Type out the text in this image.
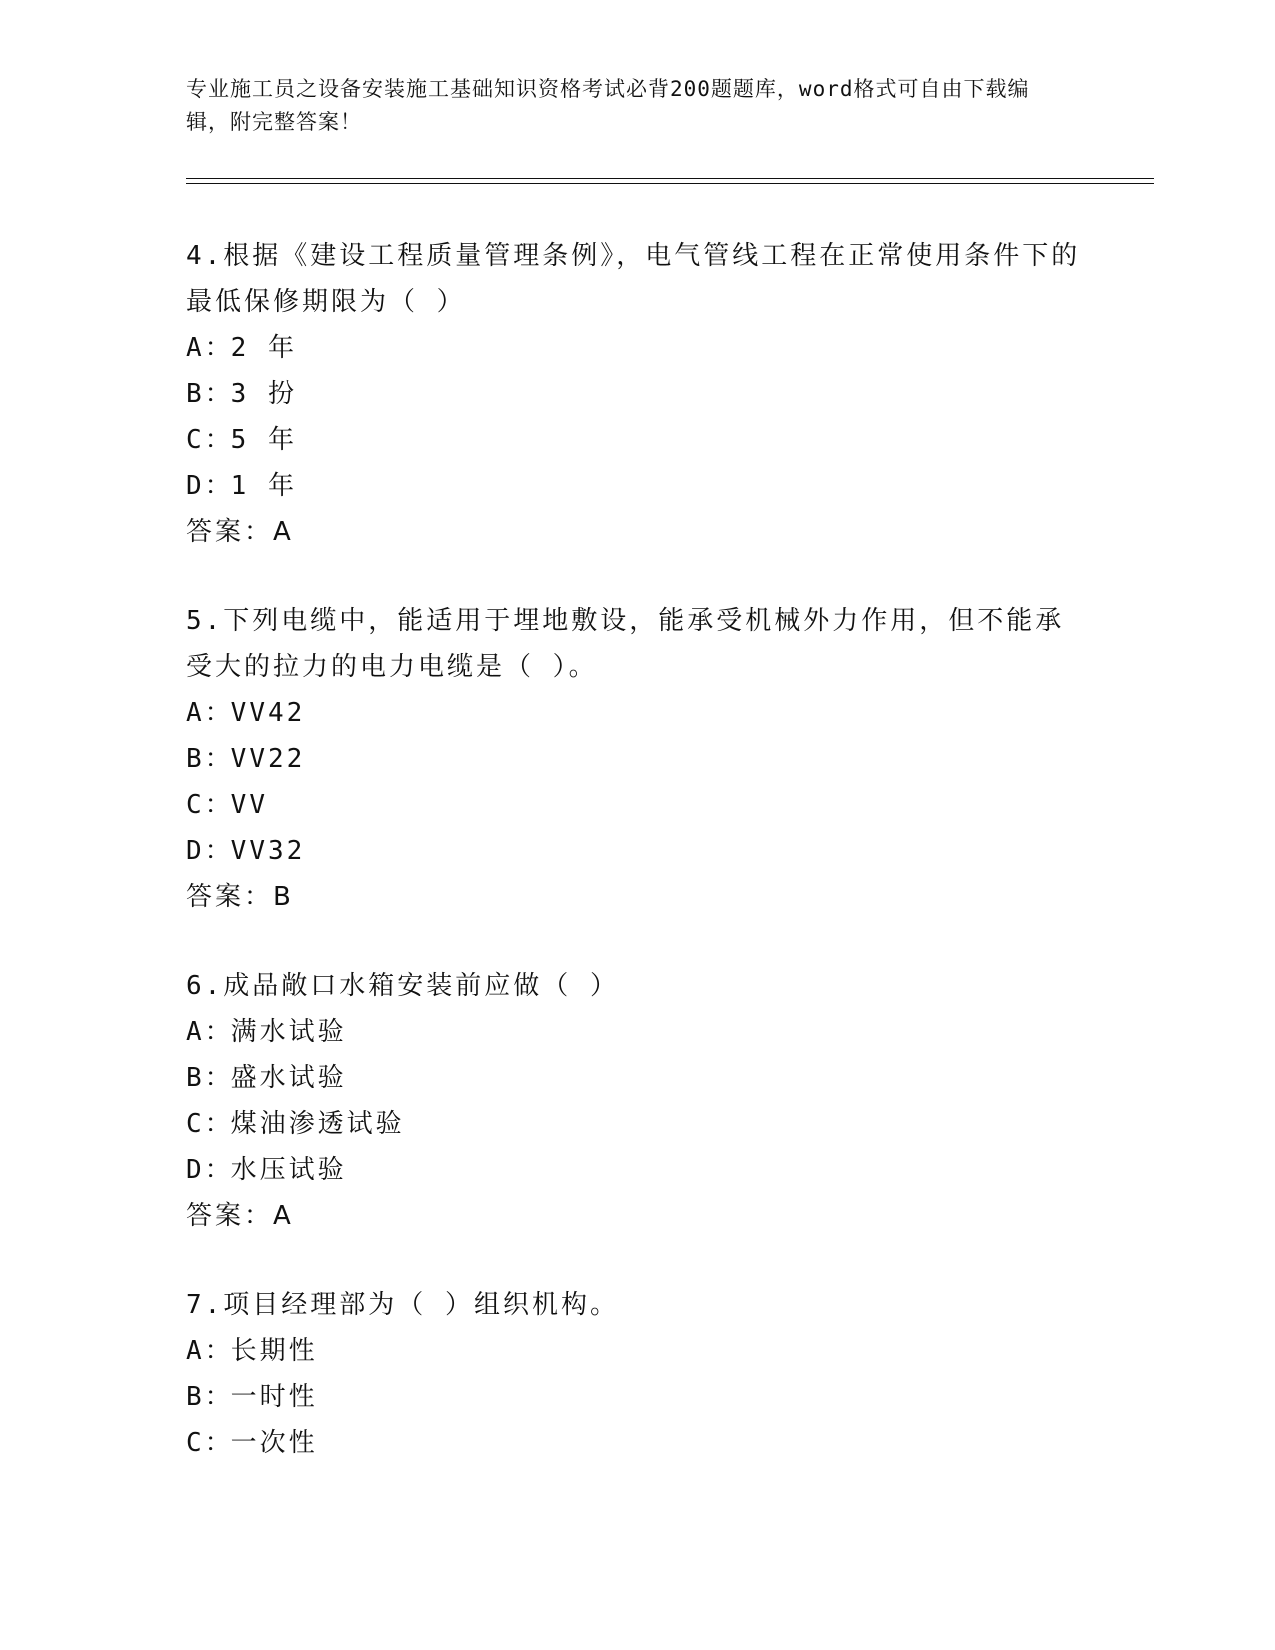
专业施工员之设备安装施工基础知识资格考试必背200题题库，word格式可自由下载编辑，附完整答案！
4.根据《建设工程质量管理条例》，电气管线工程在正常使用条件下的最低保修期限为（ ）
A：2 年
B：3 扮
C：5 年
D：1 年
答案：A
5.下列电缆中，能适用于埋地敷设，能承受机械外力作用，但不能承受大的拉力的电力电缆是（ ）。
A：VV42
B：VV22
C：VV
D：VV32
答案：B
6.成品敞口水箱安装前应做（ ）
A：满水试验
B：盛水试验
C：煤油渗透试验
D：水压试验
答案：A
7.项目经理部为（ ）组织机构。
A：长期性
B：一时性
C：一次性
